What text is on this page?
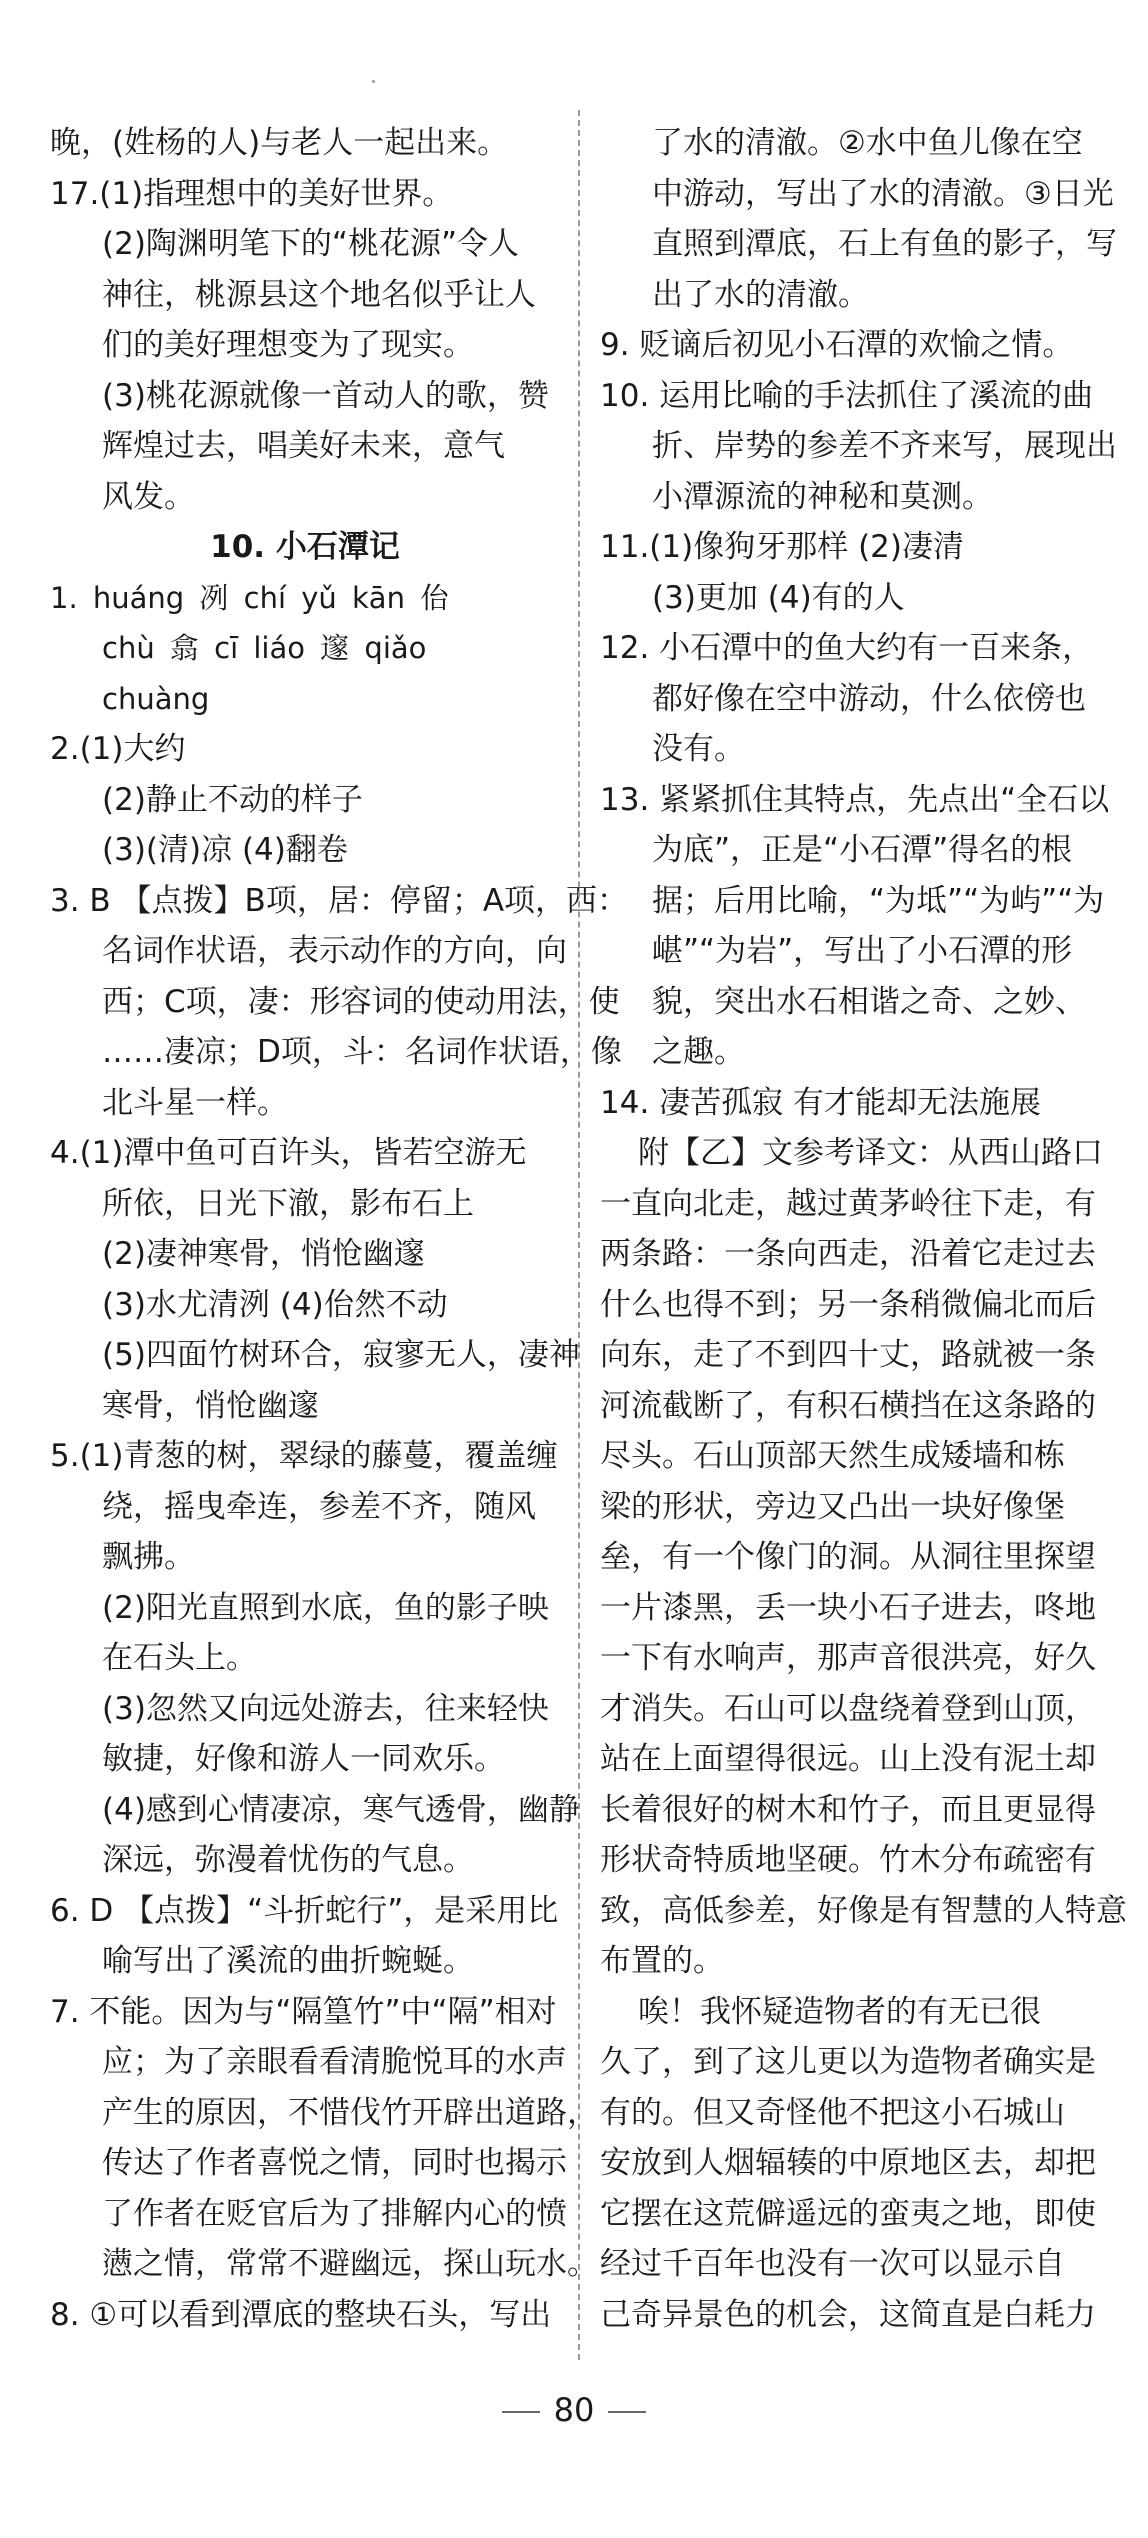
晚，(姓杨的人)与老人一起出来。
17.(1)指理想中的美好世界。
(2)陶渊明笔下的“桃花源”令人
神往，桃源县这个地名似乎让人
们的美好理想变为了现实。
(3)桃花源就像一首动人的歌，赞
辉煌过去，唱美好未来，意气
风发。
10. 小石潭记
1. huáng 冽 chí yǔ kān 佁
chù 翕 cī liáo 邃 qiǎo
chuàng
2.(1)大约
(2)静止不动的样子
(3)(清)凉 (4)翻卷
3. B 【点拨】B项，居：停留；A项，西：
名词作状语，表示动作的方向，向
西；C项，凄：形容词的使动用法，使
……凄凉；D项，斗：名词作状语，像
北斗星一样。
4.(1)潭中鱼可百许头，皆若空游无
所依，日光下澈，影布石上
(2)凄神寒骨，悄怆幽邃
(3)水尤清洌 (4)佁然不动
(5)四面竹树环合，寂寥无人，凄神
寒骨，悄怆幽邃
5.(1)青葱的树，翠绿的藤蔓，覆盖缠
绕，摇曳牵连，参差不齐，随风
飘拂。
(2)阳光直照到水底，鱼的影子映
在石头上。
(3)忽然又向远处游去，往来轻快
敏捷，好像和游人一同欢乐。
(4)感到心情凄凉，寒气透骨，幽静
深远，弥漫着忧伤的气息。
6. D 【点拨】“斗折蛇行”，是采用比
喻写出了溪流的曲折蜿蜒。
7. 不能。因为与“隔篁竹”中“隔”相对
应；为了亲眼看看清脆悦耳的水声
产生的原因，不惜伐竹开辟出道路，
传达了作者喜悦之情，同时也揭示
了作者在贬官后为了排解内心的愤
懑之情，常常不避幽远，探山玩水。
8. ①可以看到潭底的整块石头，写出
了水的清澈。②水中鱼儿像在空
中游动，写出了水的清澈。③日光
直照到潭底，石上有鱼的影子，写
出了水的清澈。
9. 贬谪后初见小石潭的欢愉之情。
10. 运用比喻的手法抓住了溪流的曲
折、岸势的参差不齐来写，展现出
小潭源流的神秘和莫测。
11.(1)像狗牙那样 (2)凄清
(3)更加 (4)有的人
12. 小石潭中的鱼大约有一百来条，
都好像在空中游动，什么依傍也
没有。
13. 紧紧抓住其特点，先点出“全石以
为底”，正是“小石潭”得名的根
据；后用比喻，“为坻”“为屿”“为
嵁”“为岩”，写出了小石潭的形
貌，突出水石相谐之奇、之妙、
之趣。
14. 凄苦孤寂 有才能却无法施展
附【乙】文参考译文：从西山路口
一直向北走，越过黄茅岭往下走，有
两条路：一条向西走，沿着它走过去
什么也得不到；另一条稍微偏北而后
向东，走了不到四十丈，路就被一条
河流截断了，有积石横挡在这条路的
尽头。石山顶部天然生成矮墙和栋
梁的形状，旁边又凸出一块好像堡
垒，有一个像门的洞。从洞往里探望
一片漆黑，丢一块小石子进去，咚地
一下有水响声，那声音很洪亮，好久
才消失。石山可以盘绕着登到山顶，
站在上面望得很远。山上没有泥土却
长着很好的树木和竹子，而且更显得
形状奇特质地坚硬。竹木分布疏密有
致，高低参差，好像是有智慧的人特意
布置的。
唉！我怀疑造物者的有无已很
久了，到了这儿更以为造物者确实是
有的。但又奇怪他不把这小石城山
安放到人烟辐辏的中原地区去，却把
它摆在这荒僻遥远的蛮夷之地，即使
经过千百年也没有一次可以显示自
己奇异景色的机会，这简直是白耗力
80
